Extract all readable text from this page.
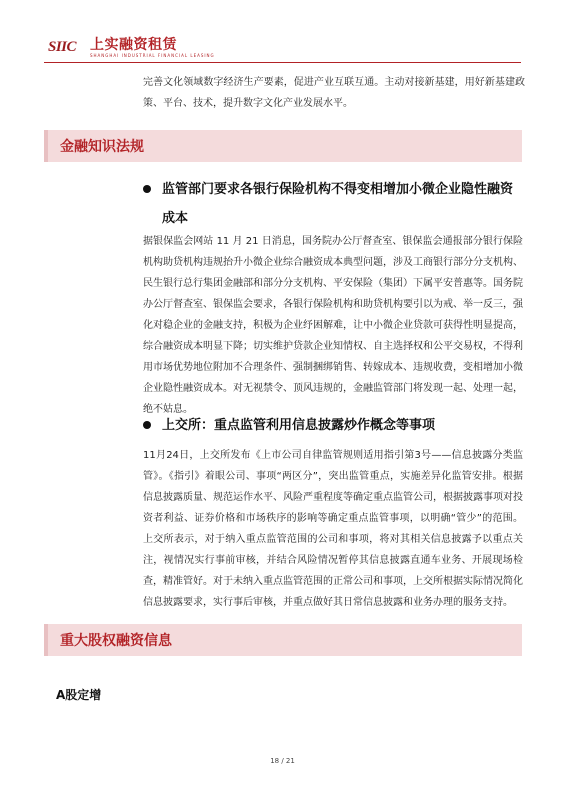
SIIC 上实融资租赁
SHANGHAI INDUSTRIAL FINANCIAL LEASING
完善文化领域数字经济生产要素，促进产业互联互通。主动对接新基建，用好新基建政策、平台、技术，提升数字文化产业发展水平。
金融知识法规
监管部门要求各银行保险机构不得变相增加小微企业隐性融资成本
据银保监会网站 11 月 21 日消息，国务院办公厅督查室、银保监会通报部分银行保险机构助贷机构违规抬升小微企业综合融资成本典型问题，涉及工商银行部分分支机构、民生银行总行集团金融部和部分分支机构、平安保险（集团）下属平安普惠等。国务院办公厅督查室、银保监会要求，各银行保险机构和助贷机构要引以为戒、举一反三，强化对稳企业的金融支持，积极为企业纾困解难，让中小微企业贷款可获得性明显提高，综合融资成本明显下降；切实维护贷款企业知情权、自主选择权和公平交易权，不得利用市场优势地位附加不合理条件、强制捆绑销售、转嫁成本、违规收费，变相增加小微企业隐性融资成本。对无视禁令、顶风违规的，金融监管部门将发现一起、处理一起，绝不姑息。
上交所：重点监管利用信息披露炒作概念等事项
11月24日，上交所发布《上市公司自律监管规则适用指引第3号——信息披露分类监管》。《指引》着眼公司、事项“两区分”，突出监管重点，实施差异化监管安排。根据信息披露质量、规范运作水平、风险严重程度等确定重点监管公司，根据披露事项对投资者利益、证券价格和市场秩序的影响等确定重点监管事项，以明确“管少”的范围。上交所表示，对于纳入重点监管范围的公司和事项，将对其相关信息披露予以重点关注，视情况实行事前审核，并结合风险情况暂停其信息披露直通车业务、开展现场检查，精准管好。对于未纳入重点监管范围的正常公司和事项，上交所根据实际情况简化信息披露要求，实行事后审核，并重点做好其日常信息披露和业务办理的服务支持。
重大股权融资信息
A股定增
18 / 21
